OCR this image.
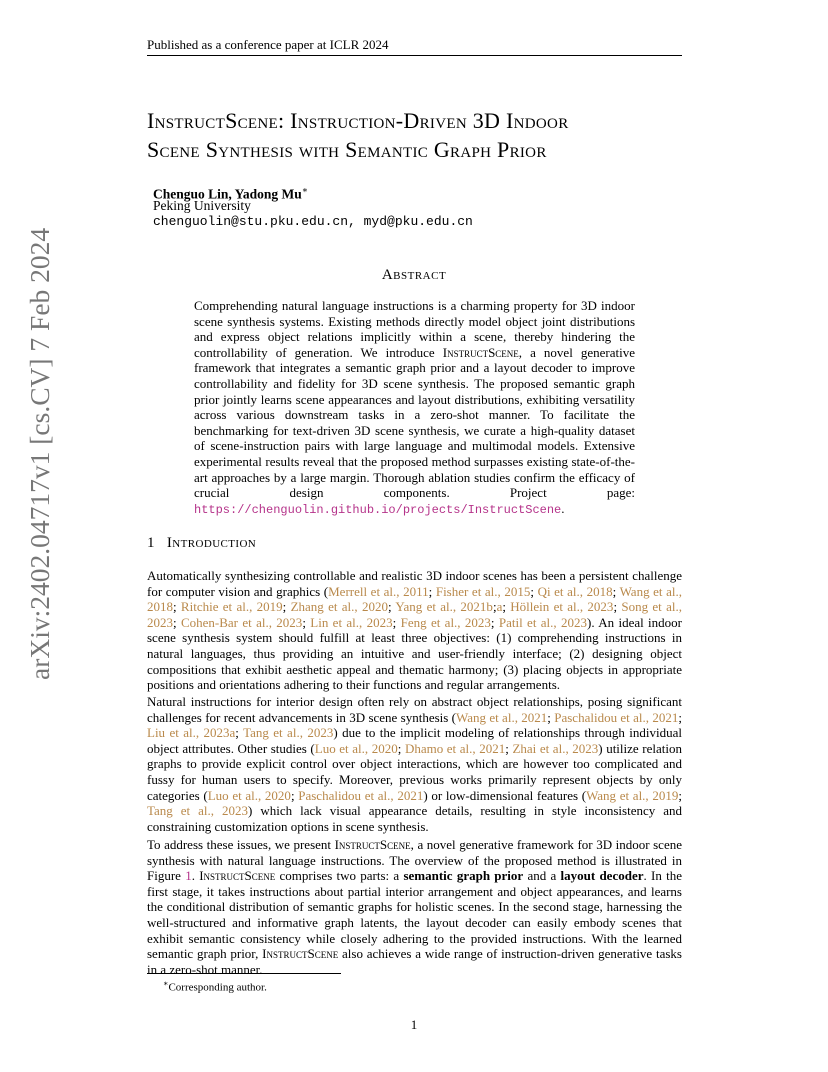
Published as a conference paper at ICLR 2024
arXiv:2402.04717v1 [cs.CV] 7 Feb 2024
InstructScene: Instruction-Driven 3D Indoor
Scene Synthesis with Semantic Graph Prior
Chenguo Lin, Yadong Mu∗
Peking University
chenguolin@stu.pku.edu.cn, myd@pku.edu.cn
Abstract
Comprehending natural language instructions is a charming property for 3D indoor scene synthesis systems. Existing methods directly model object joint distributions and express object relations implicitly within a scene, thereby hindering the controllability of generation. We introduce InstructScene, a novel generative framework that integrates a semantic graph prior and a layout decoder to improve controllability and fidelity for 3D scene synthesis. The proposed semantic graph prior jointly learns scene appearances and layout distributions, exhibiting versatility across various downstream tasks in a zero-shot manner. To facilitate the benchmarking for text-driven 3D scene synthesis, we curate a high-quality dataset of scene-instruction pairs with large language and multimodal models. Extensive experimental results reveal that the proposed method surpasses existing state-of-the-art approaches by a large margin. Thorough ablation studies confirm the efficacy of crucial design components. Project page: https://chenguolin.github.io/projects/InstructScene.
1 Introduction

Automatically synthesizing controllable and realistic 3D indoor scenes has been a persistent challenge for computer vision and graphics (Merrell et al., 2011; Fisher et al., 2015; Qi et al., 2018; Wang et al., 2018; Ritchie et al., 2019; Zhang et al., 2020; Yang et al., 2021b;a; Höllein et al., 2023; Song et al., 2023; Cohen-Bar et al., 2023; Lin et al., 2023; Feng et al., 2023; Patil et al., 2023). An ideal indoor scene synthesis system should fulfill at least three objectives: (1) comprehending instructions in natural languages, thus providing an intuitive and user-friendly interface; (2) designing object compositions that exhibit aesthetic appeal and thematic harmony; (3) placing objects in appropriate positions and orientations adhering to their functions and regular arrangements.

Natural instructions for interior design often rely on abstract object relationships, posing significant challenges for recent advancements in 3D scene synthesis (Wang et al., 2021; Paschalidou et al., 2021; Liu et al., 2023a; Tang et al., 2023) due to the implicit modeling of relationships through individual object attributes. Other studies (Luo et al., 2020; Dhamo et al., 2021; Zhai et al., 2023) utilize relation graphs to provide explicit control over object interactions, which are however too complicated and fussy for human users to specify. Moreover, previous works primarily represent objects by only categories (Luo et al., 2020; Paschalidou et al., 2021) or low-dimensional features (Wang et al., 2019; Tang et al., 2023) which lack visual appearance details, resulting in style inconsistency and constraining customization options in scene synthesis.

To address these issues, we present InstructScene, a novel generative framework for 3D indoor scene synthesis with natural language instructions. The overview of the proposed method is illustrated in Figure 1. InstructScene comprises two parts: a semantic graph prior and a layout decoder. In the first stage, it takes instructions about partial interior arrangement and object appearances, and learns the conditional distribution of semantic graphs for holistic scenes. In the second stage, harnessing the well-structured and informative graph latents, the layout decoder can easily embody scenes that exhibit semantic consistency while closely adhering to the provided instructions. With the learned semantic graph prior, InstructScene also achieves a wide range of instruction-driven generative tasks in a zero-shot manner.

∗Corresponding author.
1
